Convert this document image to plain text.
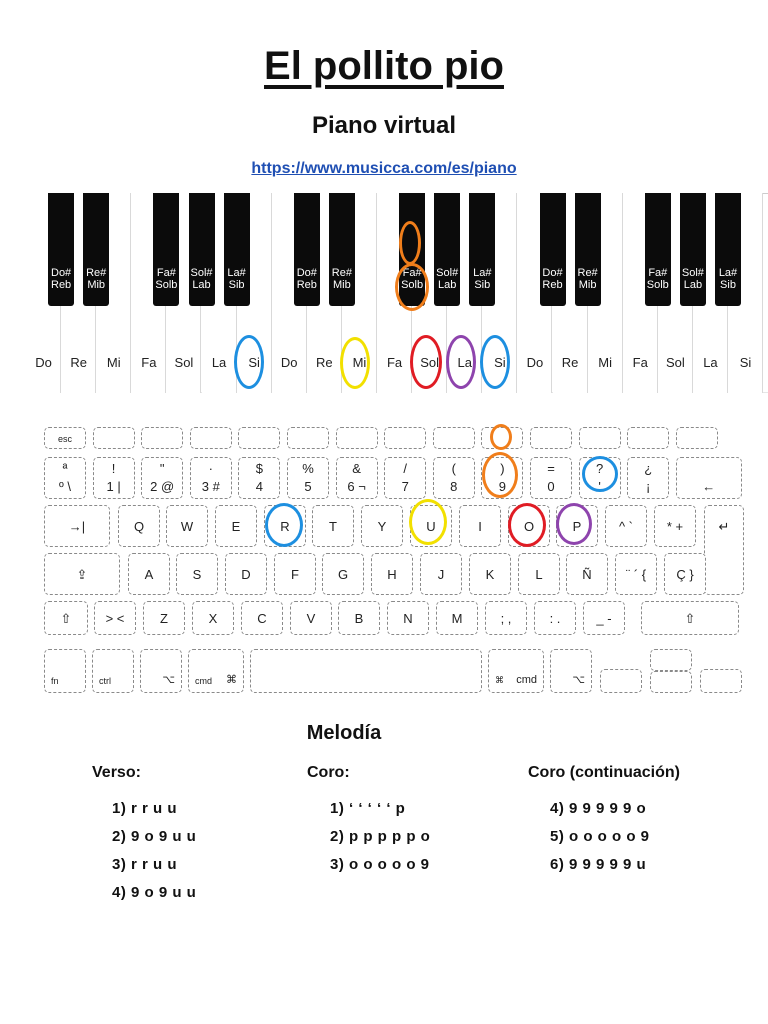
El pollito pio
Piano virtual
https://www.musicca.com/es/piano
Do	Re	Mi	Fa	Sol	La	Si	Do	Re	Mi	Fa	Sol	La	Si	Do	Re	Mi	Fa	Sol	La	Si
Do#
Reb
Re#
Mib
Fa#
Solb
Sol#
Lab
La#
Sib
Do#
Reb
Re#
Mib
Fa#
Solb
Sol#
Lab
La#
Sib
Do#
Reb
Re#
Mib
Fa#
Solb
Sol#
Lab
La#
Sib
esc
ª
º \
!
1 |
"
2 @
·
3 #
$
4
%
5
&
6 ¬
/
7
(
8
)
9
=
0
?
'
¿
¡	←
→|	Q	W	E	R	T	Y	U	I	O	P	^ `	* +	↵
⇪	A	S	D	F	G	H	J	K	L	Ñ	¨ ´ {	Ç }
⇧	> <	Z	X	C	V	B	N	M	; ,	: .	_ -	⇧
fn	ctrl	⌥ cmd ⌘	⌘ cmd	⌥
Melodía
Verso:
1) r r u u
2) 9 o 9 u u
3) r r u u
4) 9 o 9 u u
Coro:
1) ‘ ‘ ‘ ‘ ‘ p
2) p p p p p o
3) o o o o o 9
Coro (continuación)
4) 9 9 9 9 9 o
5) o o o o o 9
6) 9 9 9 9 9 u
